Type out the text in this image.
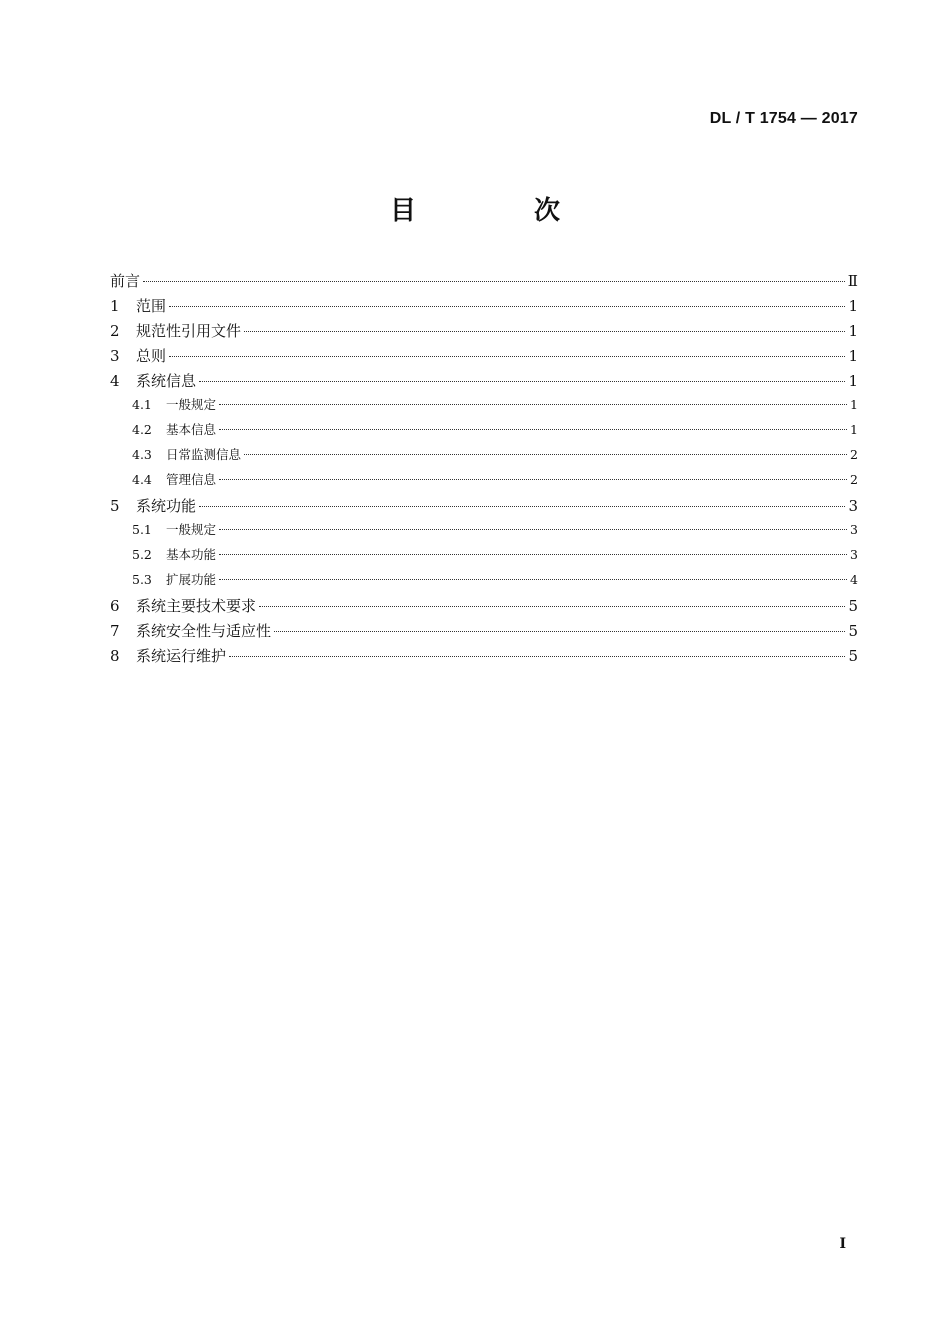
DL / T 1754 — 2017
目　次
前言	Ⅱ
1	范围	1
2	规范性引用文件	1
3	总则	1
4	系统信息	1
4.1	一般规定	1
4.2	基本信息	1
4.3	日常监测信息	2
4.4	管理信息	2
5	系统功能	3
5.1	一般规定	3
5.2	基本功能	3
5.3	扩展功能	4
6	系统主要技术要求	5
7	系统安全性与适应性	5
8	系统运行维护	5
I
